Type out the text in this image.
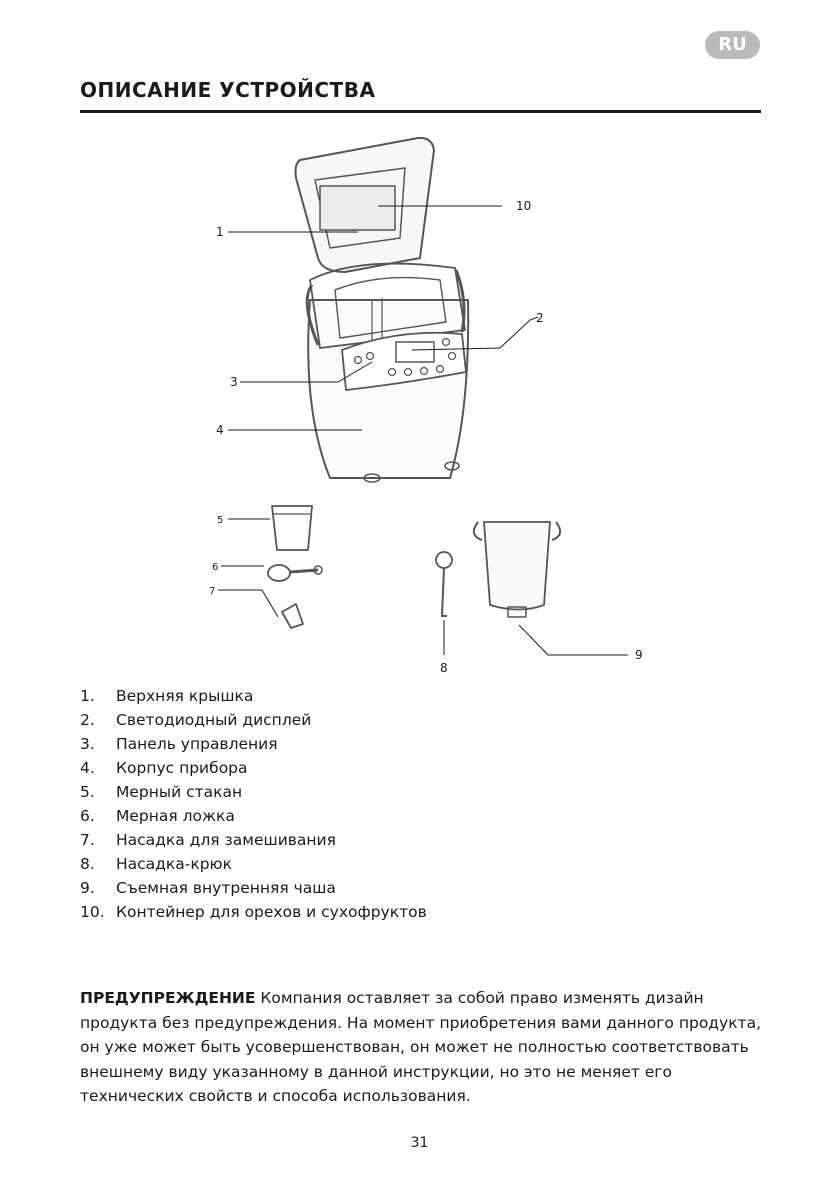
RU
ОПИСАНИЕ УСТРОЙСТВА
1
2
3
4
5
6
7
8
9
10
1.	Верхняя крышка
2.	Светодиодный дисплей
3.	Панель управления
4.	Корпус прибора
5.	Мерный стакан
6.	Мерная ложка
7.	Насадка для замешивания
8.	Насадка-крюк
9.	Съемная внутренняя чаша
10. Контейнер для орехов и сухофруктов

ПРЕДУПРЕЖДЕНИЕ Компания оставляет за собой право изменять дизайн продукта без предупреждения. На момент приобретения вами данного продукта, он уже может быть усовершенствован, он может не полностью соответствовать внешнему виду указанному в данной инструкции, но это не меняет его технических свойств и способа использования.

31
